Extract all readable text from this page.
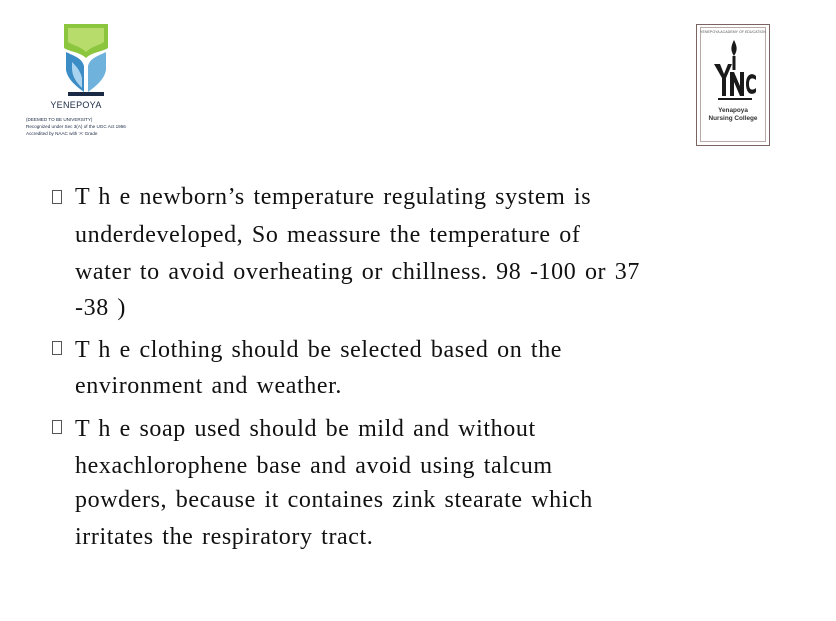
YENEPOYA
(DEEMED TO BE UNIVERSITY)
Recognized under Sec 3(A) of the UGC Act 1956
Accredited by NAAC with 'A' Grade
YENEPOYA ACADEMY OF EDUCATION
Yenapoya
Nursing College
T h e newborn’s temperature regulating system is
underdeveloped, So meassure the temperature of
water to avoid overheating or chillness. 98 -100 or 37
-38 )
T h e clothing should be selected based on the
environment and weather.
T h e soap used should be mild and without
hexachlorophene base and avoid using talcum
powders, because it containes zink stearate which
irritates the respiratory tract.
